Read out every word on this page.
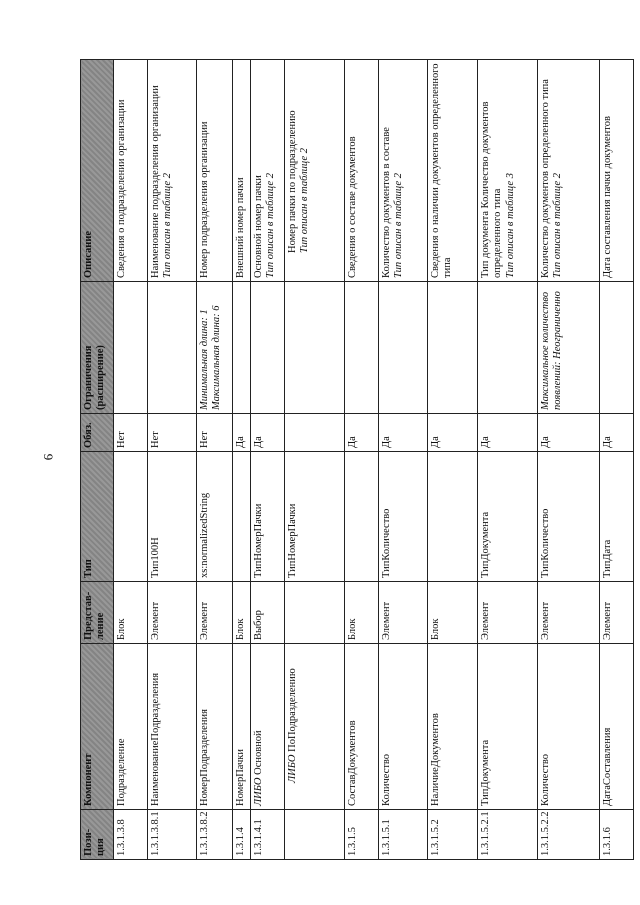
9
Пози-ция	Компонент	Представ-ление	Тип	Обяз.	Ограничения (расширение)	Описание
1.3.1.3.8	Подразделение	Блок		Нет		Сведения о подразделении организации

1.3.1.3.8.1	НаименованиеПодразделения	Элемент	Тип100Н	Нет		Наименование подразделения организации Тип описан в таблице 2

1.3.1.3.8.2	НомерПодразделения	Элемент	xs:normalizedString	Нет	Минимальная длина: 1 Максимальная длина: 6	Номер подразделения организации

1.3.1.4	НомерПачки	Блок		Да		Внешний номер пачки

1.3.1.4.1	ЛИБО Основной	Выбор	ТипНомерПачки	Да		Основной номер пачки Тип описан в таблице 2

	ЛИБО ПоПодразделению		ТипНомерПачки			Номер пачки по подразделению Тип описан в таблице 2

1.3.1.5	СоставДокументов	Блок		Да		Сведения о составе документов

1.3.1.5.1	Количество	Элемент	ТипКоличество	Да		Количество документов в составе Тип описан в таблице 2

1.3.1.5.2	НаличиеДокументов	Блок		Да		Сведения о наличии документов определенного типа

1.3.1.5.2.1	ТипДокумента	Элемент	ТипДокумента	Да		Тип документа Количество документов определенного типа Тип описан в таблице 3

1.3.1.5.2.2	Количество	Элемент	ТипКоличество	Да	Максимальное количество появлений: Неограниченно	Количество документов определенного типа Тип описан в таблице 2

1.3.1.6	ДатаСоставления	Элемент	ТипДата	Да		Дата составления пачки документов
